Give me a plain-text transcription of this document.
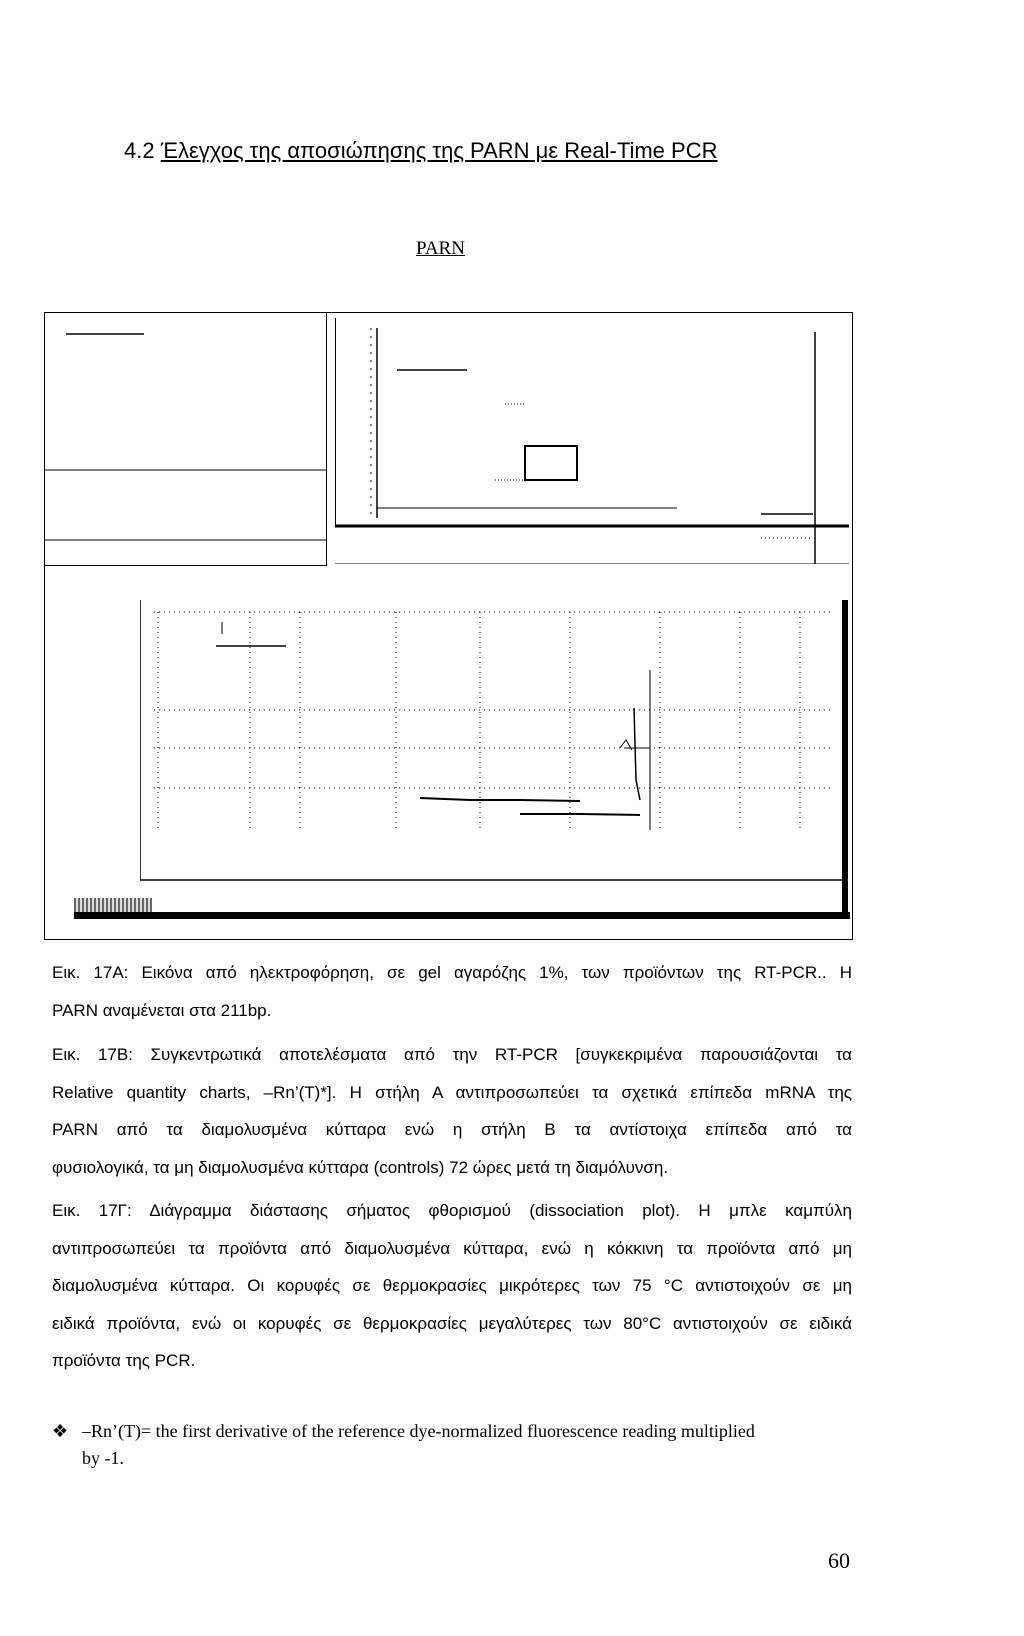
4.2 Έλεγχος της αποσιώπησης της PARN με Real-Time PCR
PARN

Εικ. 17Α: Εικόνα από ηλεκτροφόρηση, σε gel αγαρόζης 1%, των προϊόντων της RT-PCR.. Η

PARN αναμένεται στα 211bp.

Εικ. 17Β: Συγκεντρωτικά αποτελέσματα από την RT-PCR [συγκεκριμένα παρουσιάζονται τα

Relative quantity charts, –Rn’(T)*]. Η στήλη Α αντιπροσωπεύει τα σχετικά επίπεδα mRNA της

PARN από τα διαμολυσμένα κύτταρα ενώ η στήλη Β τα αντίστοιχα επίπεδα από τα

φυσιολογικά, τα μη διαμολυσμένα κύτταρα (controls) 72 ώρες μετά τη διαμόλυνση.

Εικ. 17Γ: Διάγραμμα διάστασης σήματος φθορισμού (dissociation plot). Η μπλε καμπύλη

αντιπροσωπεύει τα προϊόντα από διαμολυσμένα κύτταρα, ενώ η κόκκινη τα προϊόντα από μη

διαμολυσμένα κύτταρα. Οι κορυφές σε θερμοκρασίες μικρότερες των 75 °C αντιστοιχούν σε μη

ειδικά προϊόντα, ενώ οι κορυφές σε θερμοκρασίες μεγαλύτερες των 80°C αντιστοιχούν σε ειδικά

προϊόντα της PCR.

❖ –Rn’(T)= the first derivative of the reference dye-normalized fluorescence reading multiplied
by -1.
60
